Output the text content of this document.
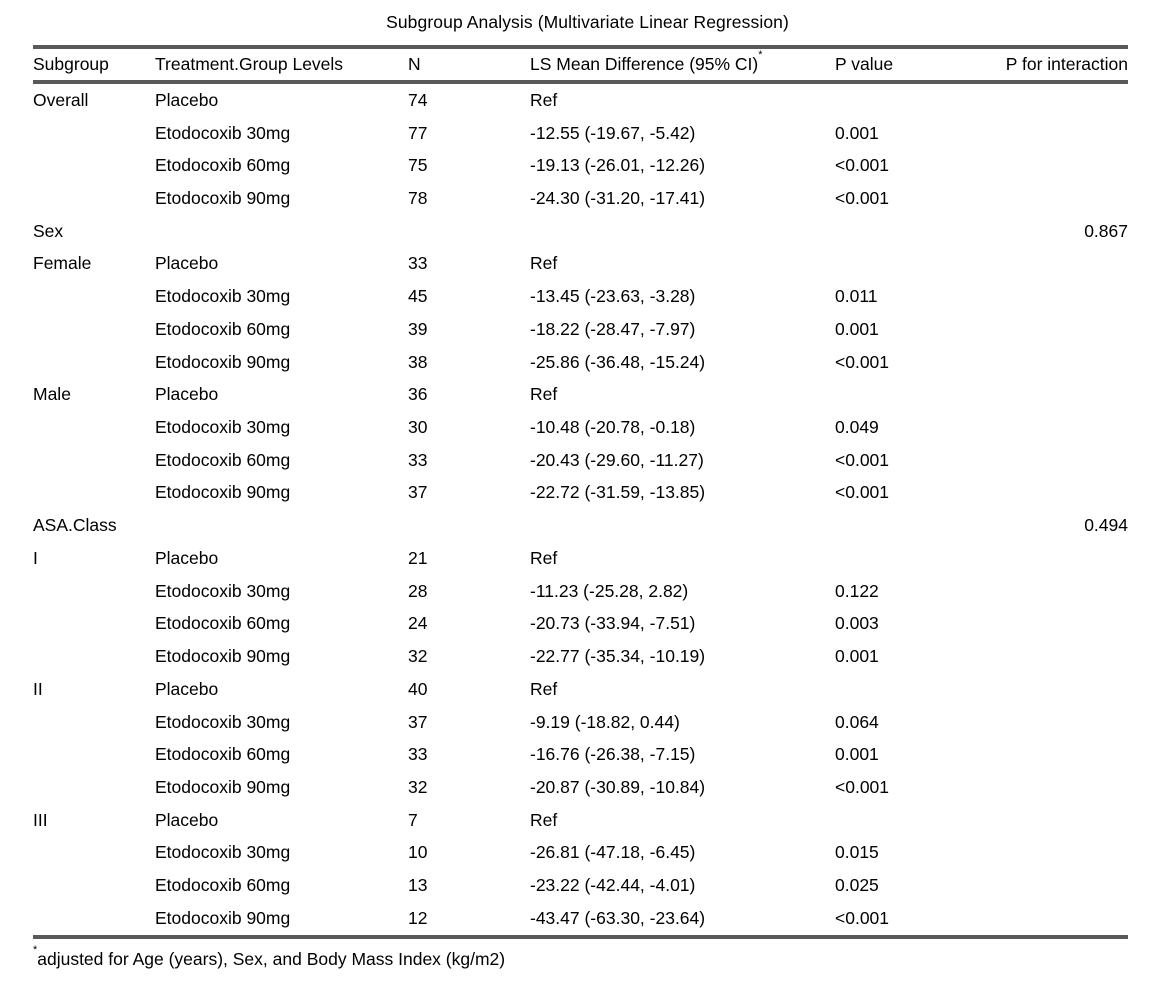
Subgroup Analysis (Multivariate Linear Regression)
Subgroup	Treatment.Group Levels	N	LS Mean Difference (95% CI)*	P value	P for interaction
Overall	Placebo	74	Ref		
	Etodocoxib 30mg	77	-12.55 (-19.67, -5.42)	0.001	
	Etodocoxib 60mg	75	-19.13 (-26.01, -12.26)	<0.001	
	Etodocoxib 90mg	78	-24.30 (-31.20, -17.41)	<0.001	
Sex					0.867
Female	Placebo	33	Ref		
	Etodocoxib 30mg	45	-13.45 (-23.63, -3.28)	0.011	
	Etodocoxib 60mg	39	-18.22 (-28.47, -7.97)	0.001	
	Etodocoxib 90mg	38	-25.86 (-36.48, -15.24)	<0.001	
Male	Placebo	36	Ref		
	Etodocoxib 30mg	30	-10.48 (-20.78, -0.18)	0.049	
	Etodocoxib 60mg	33	-20.43 (-29.60, -11.27)	<0.001	
	Etodocoxib 90mg	37	-22.72 (-31.59, -13.85)	<0.001	
ASA.Class					0.494
I	Placebo	21	Ref		
	Etodocoxib 30mg	28	-11.23 (-25.28, 2.82)	0.122	
	Etodocoxib 60mg	24	-20.73 (-33.94, -7.51)	0.003	
	Etodocoxib 90mg	32	-22.77 (-35.34, -10.19)	0.001	
II	Placebo	40	Ref		
	Etodocoxib 30mg	37	-9.19 (-18.82, 0.44)	0.064	
	Etodocoxib 60mg	33	-16.76 (-26.38, -7.15)	0.001	
	Etodocoxib 90mg	32	-20.87 (-30.89, -10.84)	<0.001	
III	Placebo	7	Ref		
	Etodocoxib 30mg	10	-26.81 (-47.18, -6.45)	0.015	
	Etodocoxib 60mg	13	-23.22 (-42.44, -4.01)	0.025	
	Etodocoxib 90mg	12	-43.47 (-63.30, -23.64)	<0.001	
*adjusted for Age (years), Sex, and Body Mass Index (kg/m2)
